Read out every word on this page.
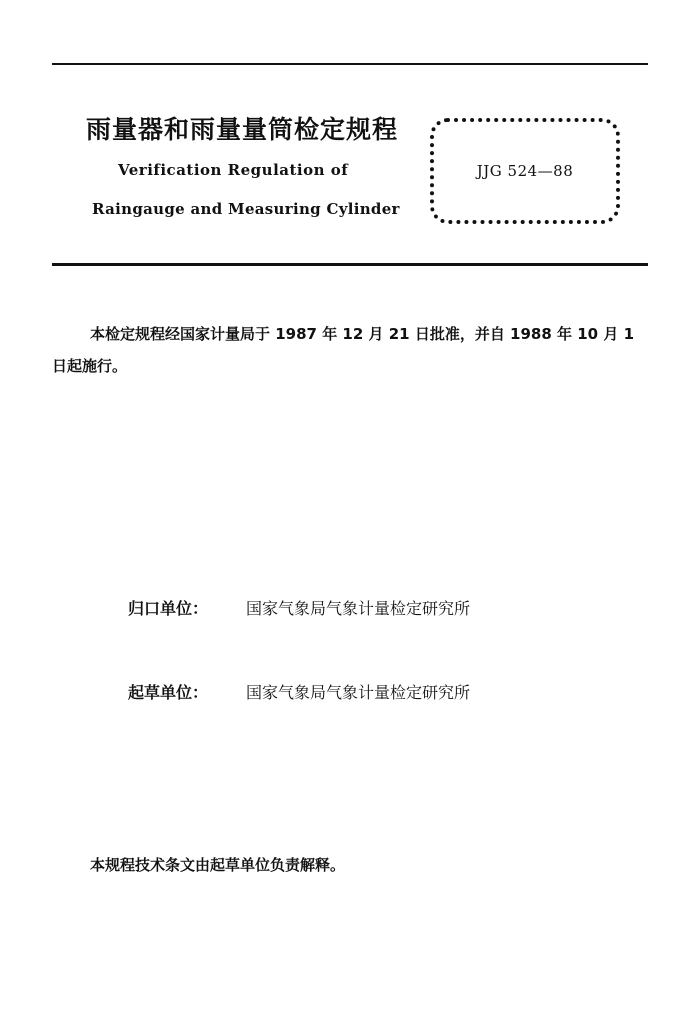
雨量器和雨量量筒检定规程
Verification Regulation of
Raingauge and Measuring Cylinder
JJG 524—88
本检定规程经国家计量局于 1987 年 12 月 21 日批准，并自 1988 年 10 月 1 日起施行。
归口单位： 国家气象局气象计量检定研究所
起草单位： 国家气象局气象计量检定研究所
本规程技术条文由起草单位负责解释。
